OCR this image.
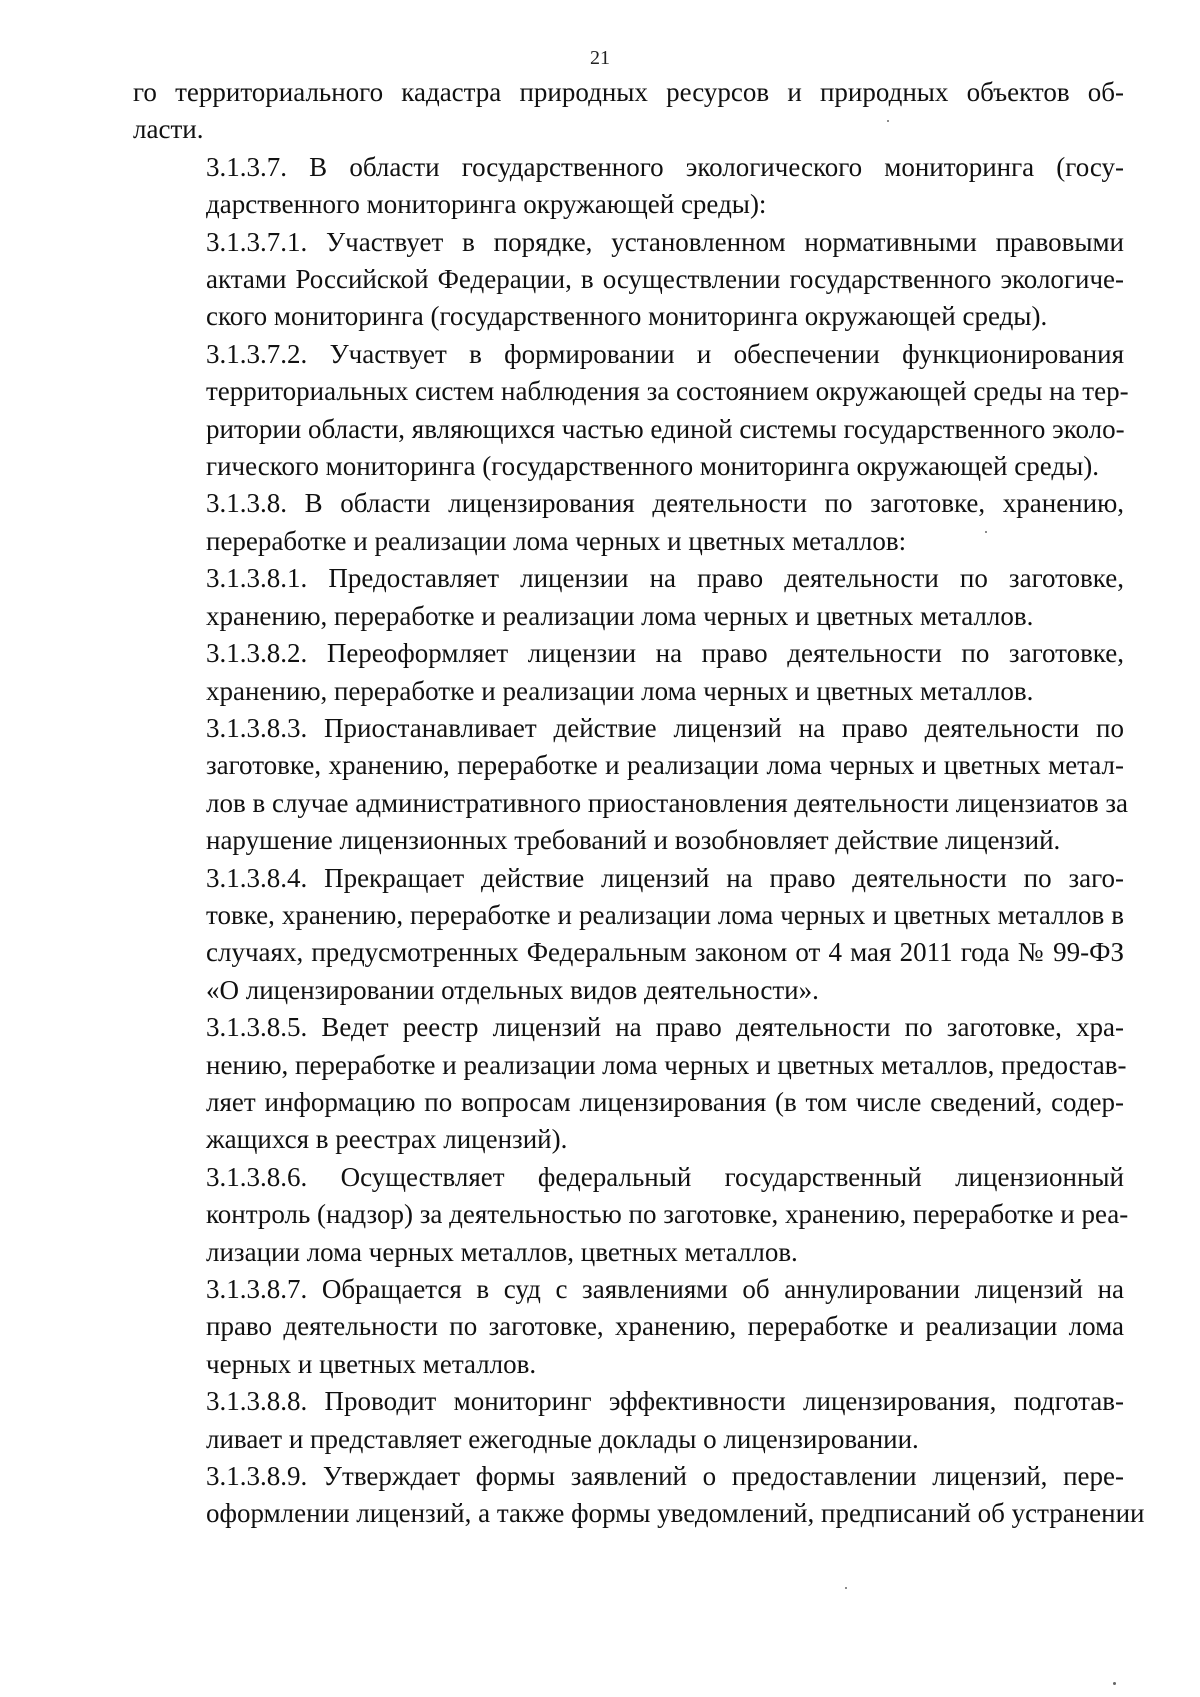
21

го территориального кадастра природных ресурсов и природных объектов об-
ласти.

3.1.3.7. В области государственного экологического мониторинга (госу-
дарственного мониторинга окружающей среды):

3.1.3.7.1. Участвует в порядке, установленном нормативными правовыми
актами Российской Федерации, в осуществлении государственного экологиче-
ского мониторинга (государственного мониторинга окружающей среды).

3.1.3.7.2. Участвует в формировании и обеспечении функционирования
территориальных систем наблюдения за состоянием окружающей среды на тер-
ритории области, являющихся частью единой системы государственного эколо-
гического мониторинга (государственного мониторинга окружающей среды).

3.1.3.8. В области лицензирования деятельности по заготовке, хранению,
переработке и реализации лома черных и цветных металлов:

3.1.3.8.1. Предоставляет лицензии на право деятельности по заготовке,
хранению, переработке и реализации лома черных и цветных металлов.

3.1.3.8.2. Переоформляет лицензии на право деятельности по заготовке,
хранению, переработке и реализации лома черных и цветных металлов.

3.1.3.8.3. Приостанавливает действие лицензий на право деятельности по
заготовке, хранению, переработке и реализации лома черных и цветных метал-
лов в случае административного приостановления деятельности лицензиатов за
нарушение лицензионных требований и возобновляет действие лицензий.

3.1.3.8.4. Прекращает действие лицензий на право деятельности по заго-
товке, хранению, переработке и реализации лома черных и цветных металлов в
случаях, предусмотренных Федеральным законом от 4 мая 2011 года № 99-ФЗ
«О лицензировании отдельных видов деятельности».

3.1.3.8.5. Ведет реестр лицензий на право деятельности по заготовке, хра-
нению, переработке и реализации лома черных и цветных металлов, предостав-
ляет информацию по вопросам лицензирования (в том числе сведений, содер-
жащихся в реестрах лицензий).

3.1.3.8.6. Осуществляет федеральный государственный лицензионный
контроль (надзор) за деятельностью по заготовке, хранению, переработке и реа-
лизации лома черных металлов, цветных металлов.

3.1.3.8.7. Обращается в суд с заявлениями об аннулировании лицензий на
право деятельности по заготовке, хранению, переработке и реализации лома
черных и цветных металлов.

3.1.3.8.8. Проводит мониторинг эффективности лицензирования, подготав-
ливает и представляет ежегодные доклады о лицензировании.

3.1.3.8.9. Утверждает формы заявлений о предоставлении лицензий, пере-
оформлении лицензий, а также формы уведомлений, предписаний об устранении
